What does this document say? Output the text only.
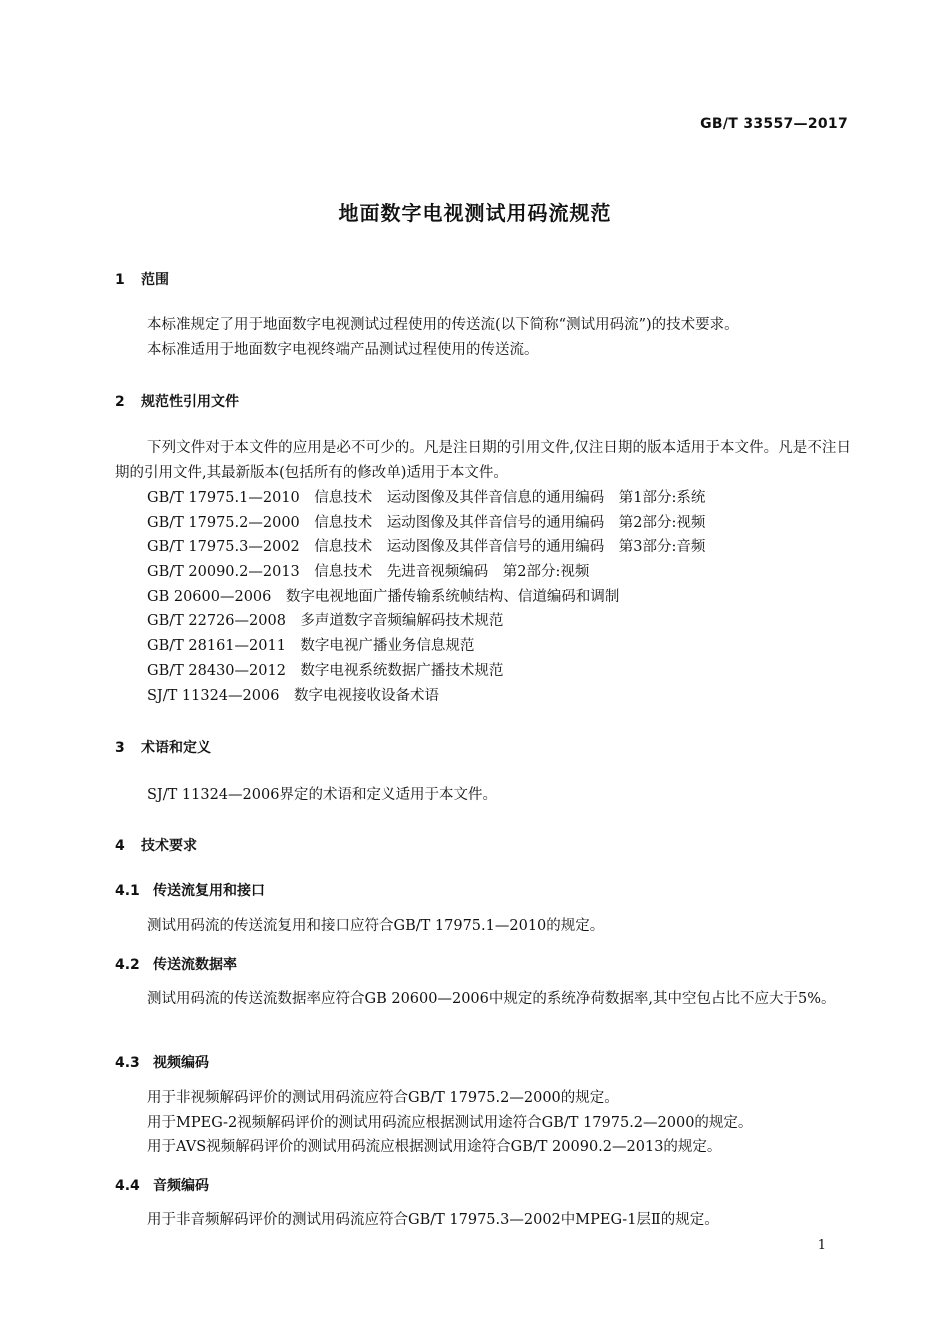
GB/T 33557—2017
地面数字电视测试用码流规范
1 范围
本标准规定了用于地面数字电视测试过程使用的传送流(以下简称“测试用码流”)的技术要求。
本标准适用于地面数字电视终端产品测试过程使用的传送流。
2 规范性引用文件
下列文件对于本文件的应用是必不可少的。凡是注日期的引用文件,仅注日期的版本适用于本文件。凡是不注日期的引用文件,其最新版本(包括所有的修改单)适用于本文件。
GB/T 17975.1—2010　信息技术　运动图像及其伴音信息的通用编码　第1部分:系统
GB/T 17975.2—2000　信息技术　运动图像及其伴音信号的通用编码　第2部分:视频
GB/T 17975.3—2002　信息技术　运动图像及其伴音信号的通用编码　第3部分:音频
GB/T 20090.2—2013　信息技术　先进音视频编码　第2部分:视频
GB 20600—2006　数字电视地面广播传输系统帧结构、信道编码和调制
GB/T 22726—2008　多声道数字音频编解码技术规范
GB/T 28161—2011　数字电视广播业务信息规范
GB/T 28430—2012　数字电视系统数据广播技术规范
SJ/T 11324—2006　数字电视接收设备术语
3 术语和定义
SJ/T 11324—2006界定的术语和定义适用于本文件。
4 技术要求
4.1 传送流复用和接口
测试用码流的传送流复用和接口应符合GB/T 17975.1—2010的规定。
4.2 传送流数据率
测试用码流的传送流数据率应符合GB 20600—2006中规定的系统净荷数据率,其中空包占比不应大于5%。
4.3 视频编码
用于非视频解码评价的测试用码流应符合GB/T 17975.2—2000的规定。
用于MPEG-2视频解码评价的测试用码流应根据测试用途符合GB/T 17975.2—2000的规定。
用于AVS视频解码评价的测试用码流应根据测试用途符合GB/T 20090.2—2013的规定。
4.4 音频编码
用于非音频解码评价的测试用码流应符合GB/T 17975.3—2002中MPEG-1层Ⅱ的规定。
1
